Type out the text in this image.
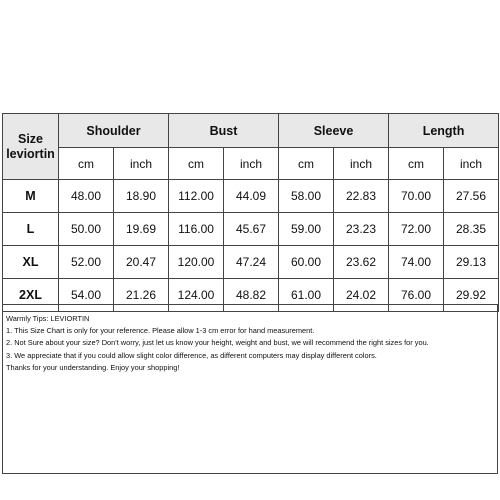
Size
leviortin	Shoulder		Bust		Sleeve		Length	
	cm	inch	cm	inch	cm	inch	cm	inch
M	48.00	18.90	112.00	44.09	58.00	22.83	70.00	27.56
L	50.00	19.69	116.00	45.67	59.00	23.23	72.00	28.35
XL	52.00	20.47	120.00	47.24	60.00	23.62	74.00	29.13
2XL	54.00	21.26	124.00	48.82	61.00	24.02	76.00	29.92

Warmly Tips: LEVIORTIN

1. This Size Chart is only for your reference. Please allow 1-3 cm error for hand measurement.

2. Not Sure about your size? Don't worry, just let us know your height, weight and bust, we will recommend the right sizes for you.

3. We appreciate that if you could allow slight color difference, as different computers may display different colors.

Thanks for your understanding. Enjoy your shopping!
